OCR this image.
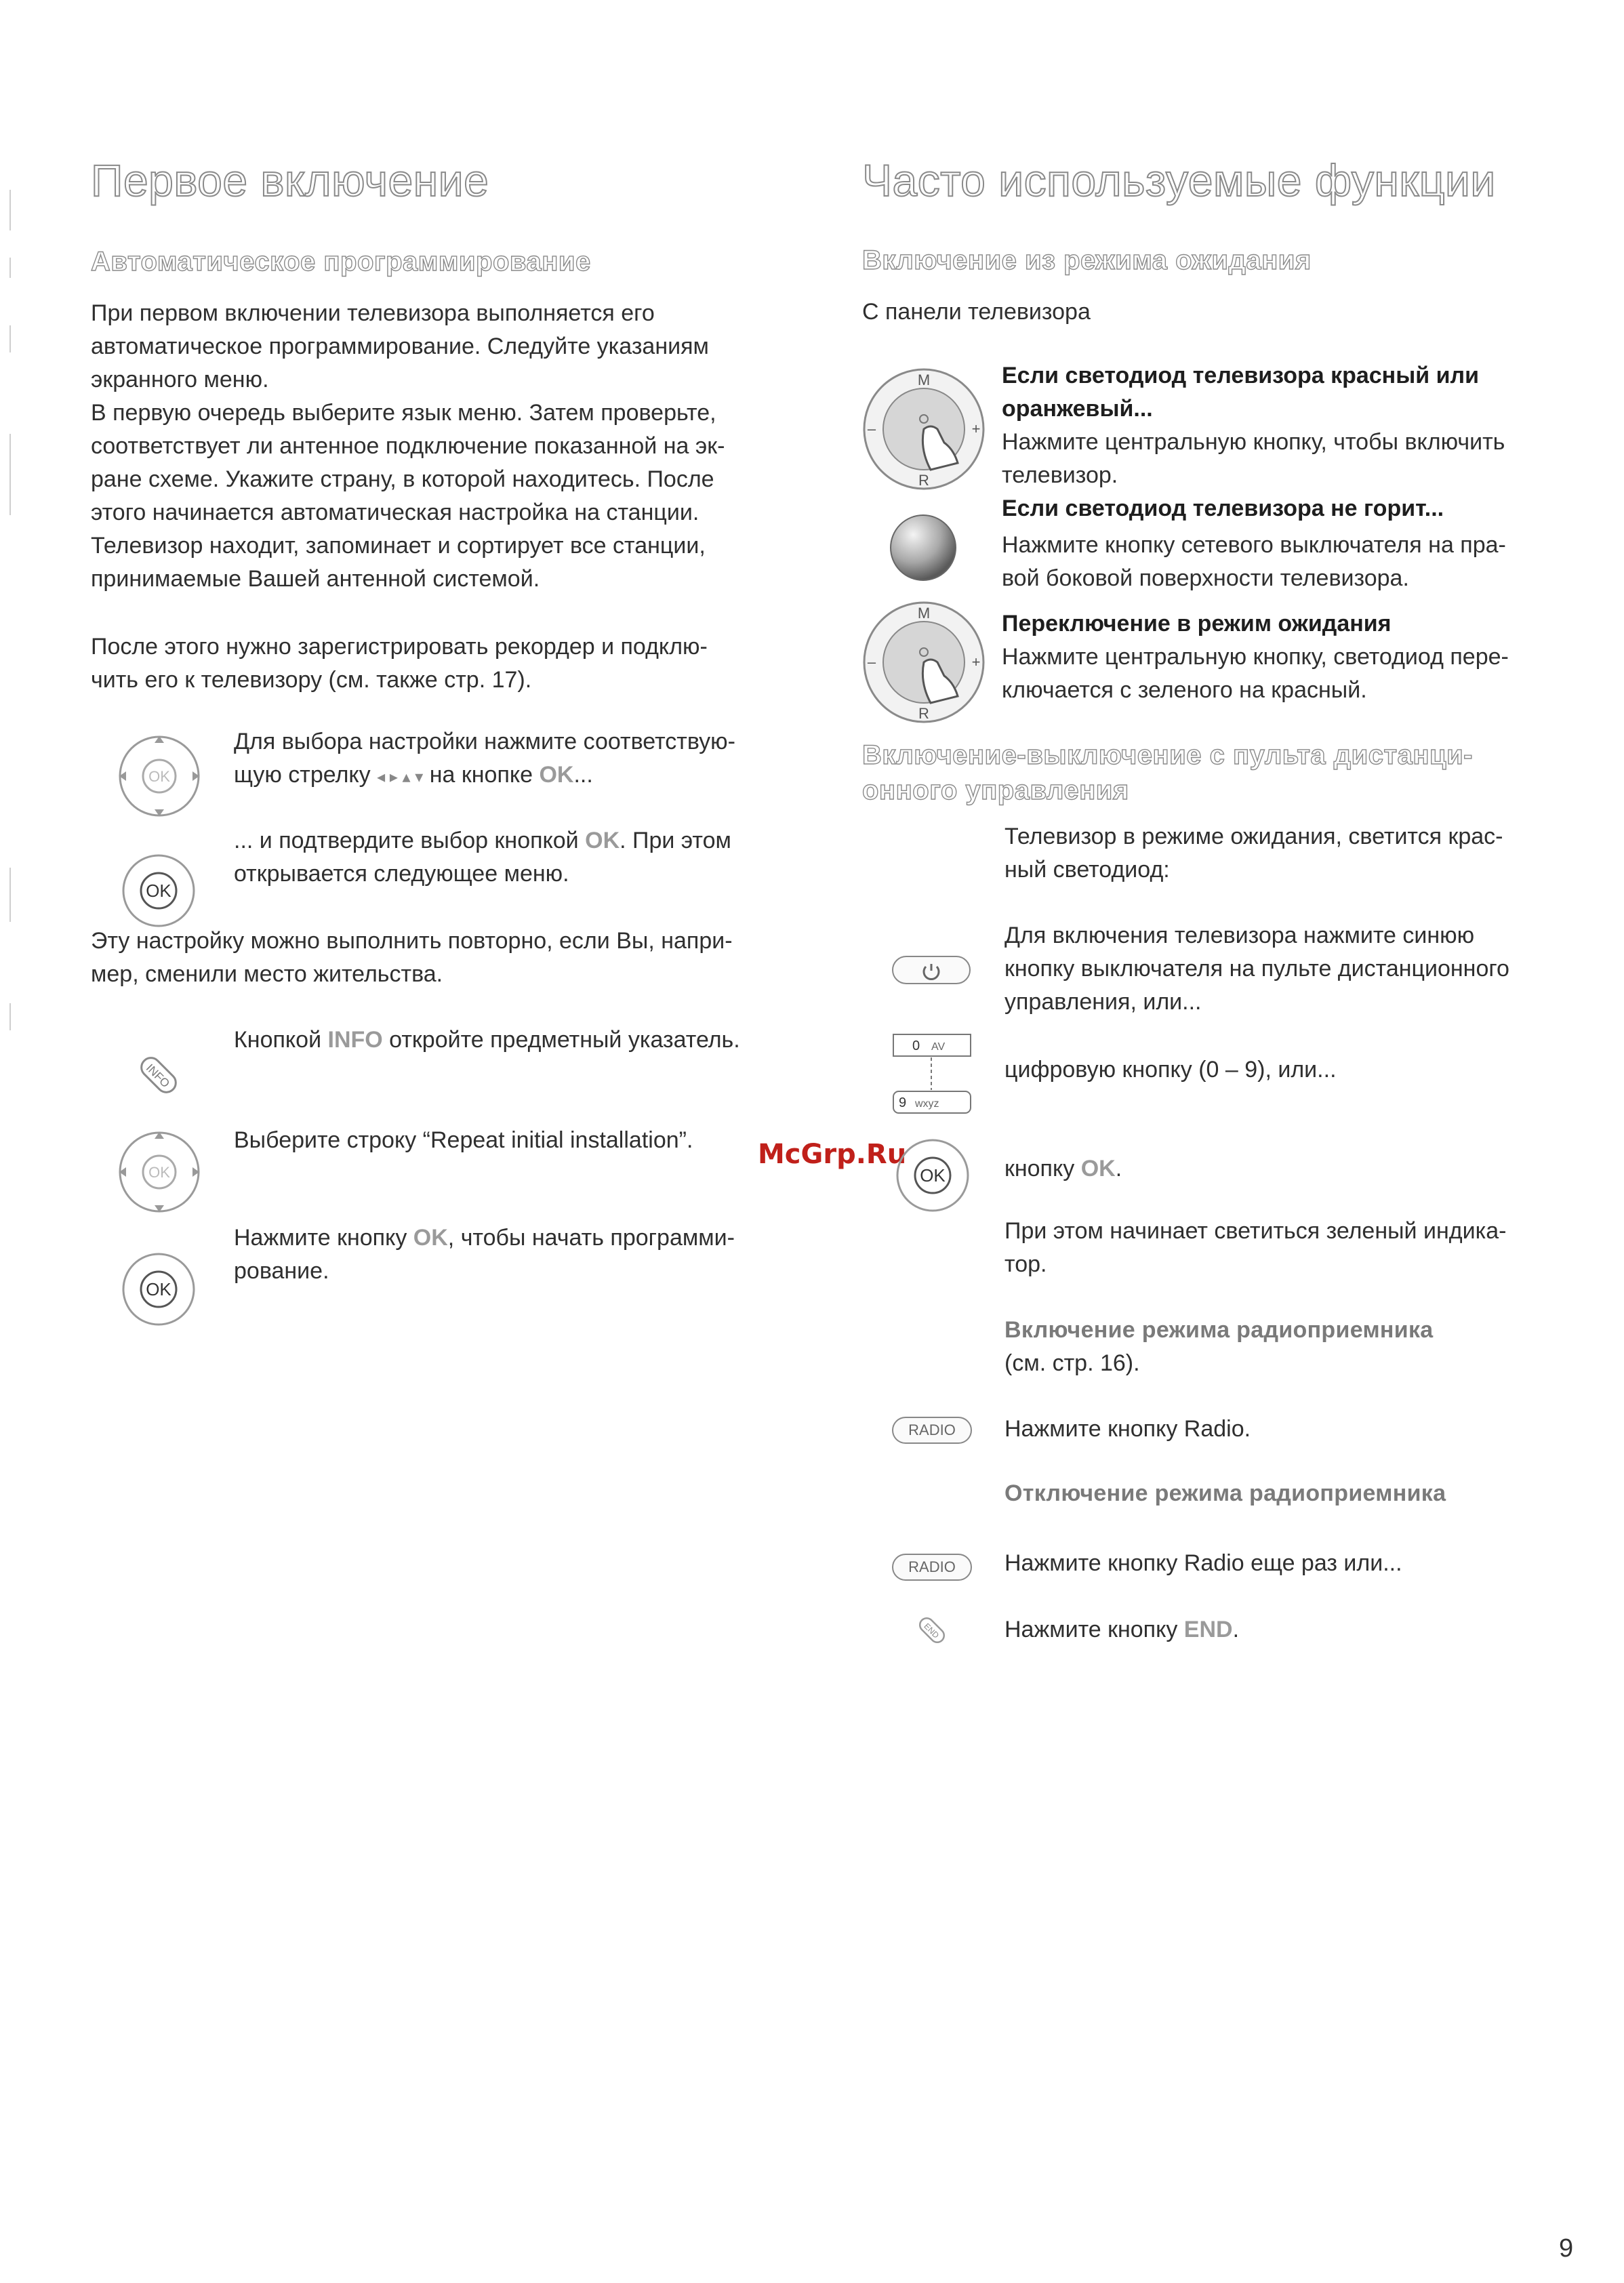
Первое включение
Автоматическое программирование
При первом включении телевизора выполняется его
автоматическое программирование. Следуйте указаниям
экранного меню.
В первую очередь выберите язык меню. Затем проверьте,
соответствует ли антенное подключение показанной на эк-
ране схеме. Укажите страну, в которой находитесь. После
этого начинается автоматическая настройка на станции.
Телевизор находит, запоминает и сортирует все станции,
принимаемые Вашей антенной системой.
После этого нужно зарегистрировать рекордер и подклю-
чить его к телевизору (см. также стр. 17).
OK
Для выбора настройки нажмите соответствую-
щую стрелку ◂ ▸ ▴ ▾ на кнопке OK...
OK
... и подтвердите выбор кнопкой OK. При этом
открывается следующее меню.
Эту настройку можно выполнить повторно, если Вы, напри-
мер, сменили место жительства.
INFO
Кнопкой INFO откройте предметный указатель.
OK
Выберите строку “Repeat initial installation”.
OK
Нажмите кнопку OK, чтобы начать программи-
рование.
McGrp.Ru
Часто используемые функции
Включение из режима ожидания
С панели телевизора
M
R
+
–
Если светодиод телевизора красный или
оранжевый...
Нажмите центральную кнопку, чтобы включить
телевизор.
Если светодиод телевизора не горит...
Нажмите кнопку сетевого выключателя на пра-
вой боковой поверхности телевизора.
M
R
+
–
Переключение в режим ожидания
Нажмите центральную кнопку, светодиод пере-
ключается с зеленого на красный.
Включение-выключение с пульта дистанци-
онного управления
Телевизор в режиме ожидания, светится крас-
ный светодиод:
Для включения телевизора нажмите синюю
кнопку выключателя на пульте дистанционного
управления, или...
0 AV
9 wxyz
цифровую кнопку (0 – 9), или...
OK	кнопку OK.
При этом начинает светиться зеленый индика-
тор.
Включение режима радиоприемника
(см. стр. 16).
RADIO	Нажмите кнопку Radio.
Отключение режима радиоприемника
RADIO	Нажмите кнопку Radio еще раз или...
END	Нажмите кнопку END.
9
